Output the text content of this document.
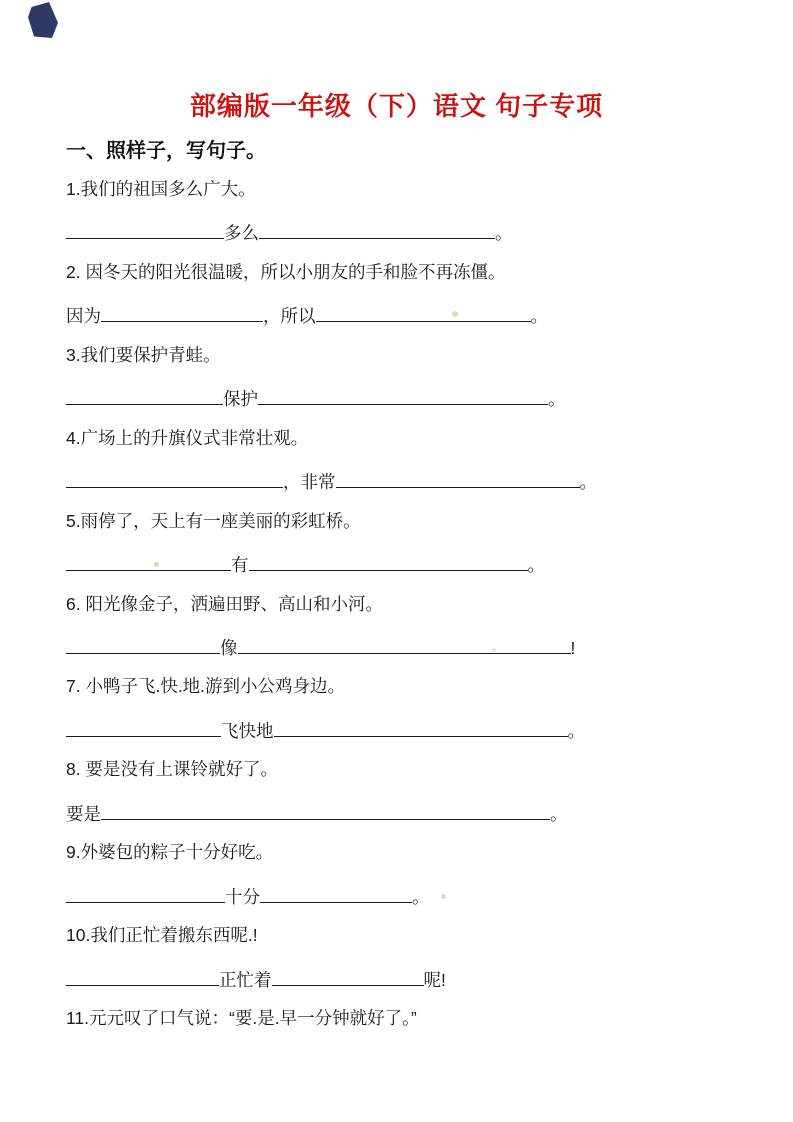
部编版一年级（下）语文 句子专项
一、照样子，写句子。
1.我们的祖国多么广大。
多么	。
2. 因冬天的阳光很温暖，所以小朋友的手和脸不再冻僵。
因为	，所以	。
3.我们要保护青蛙。
保护	。
4.广场上的升旗仪式非常壮观。
，非常	。
5.雨停了，天上有一座美丽的彩虹桥。
有	。
6. 阳光像金子，洒遍田野、高山和小河。
像	!
7. 小鸭子飞.快.地.游到小公鸡身边。
飞快地	。
8. 要是没有上课铃就好了。
要是	。
9.外婆包的粽子十分好吃。
十分	。
10.我们正忙着搬东西呢.!
正忙着	呢!
11.元元叹了口气说：“要.是.早一分钟就好了。”
